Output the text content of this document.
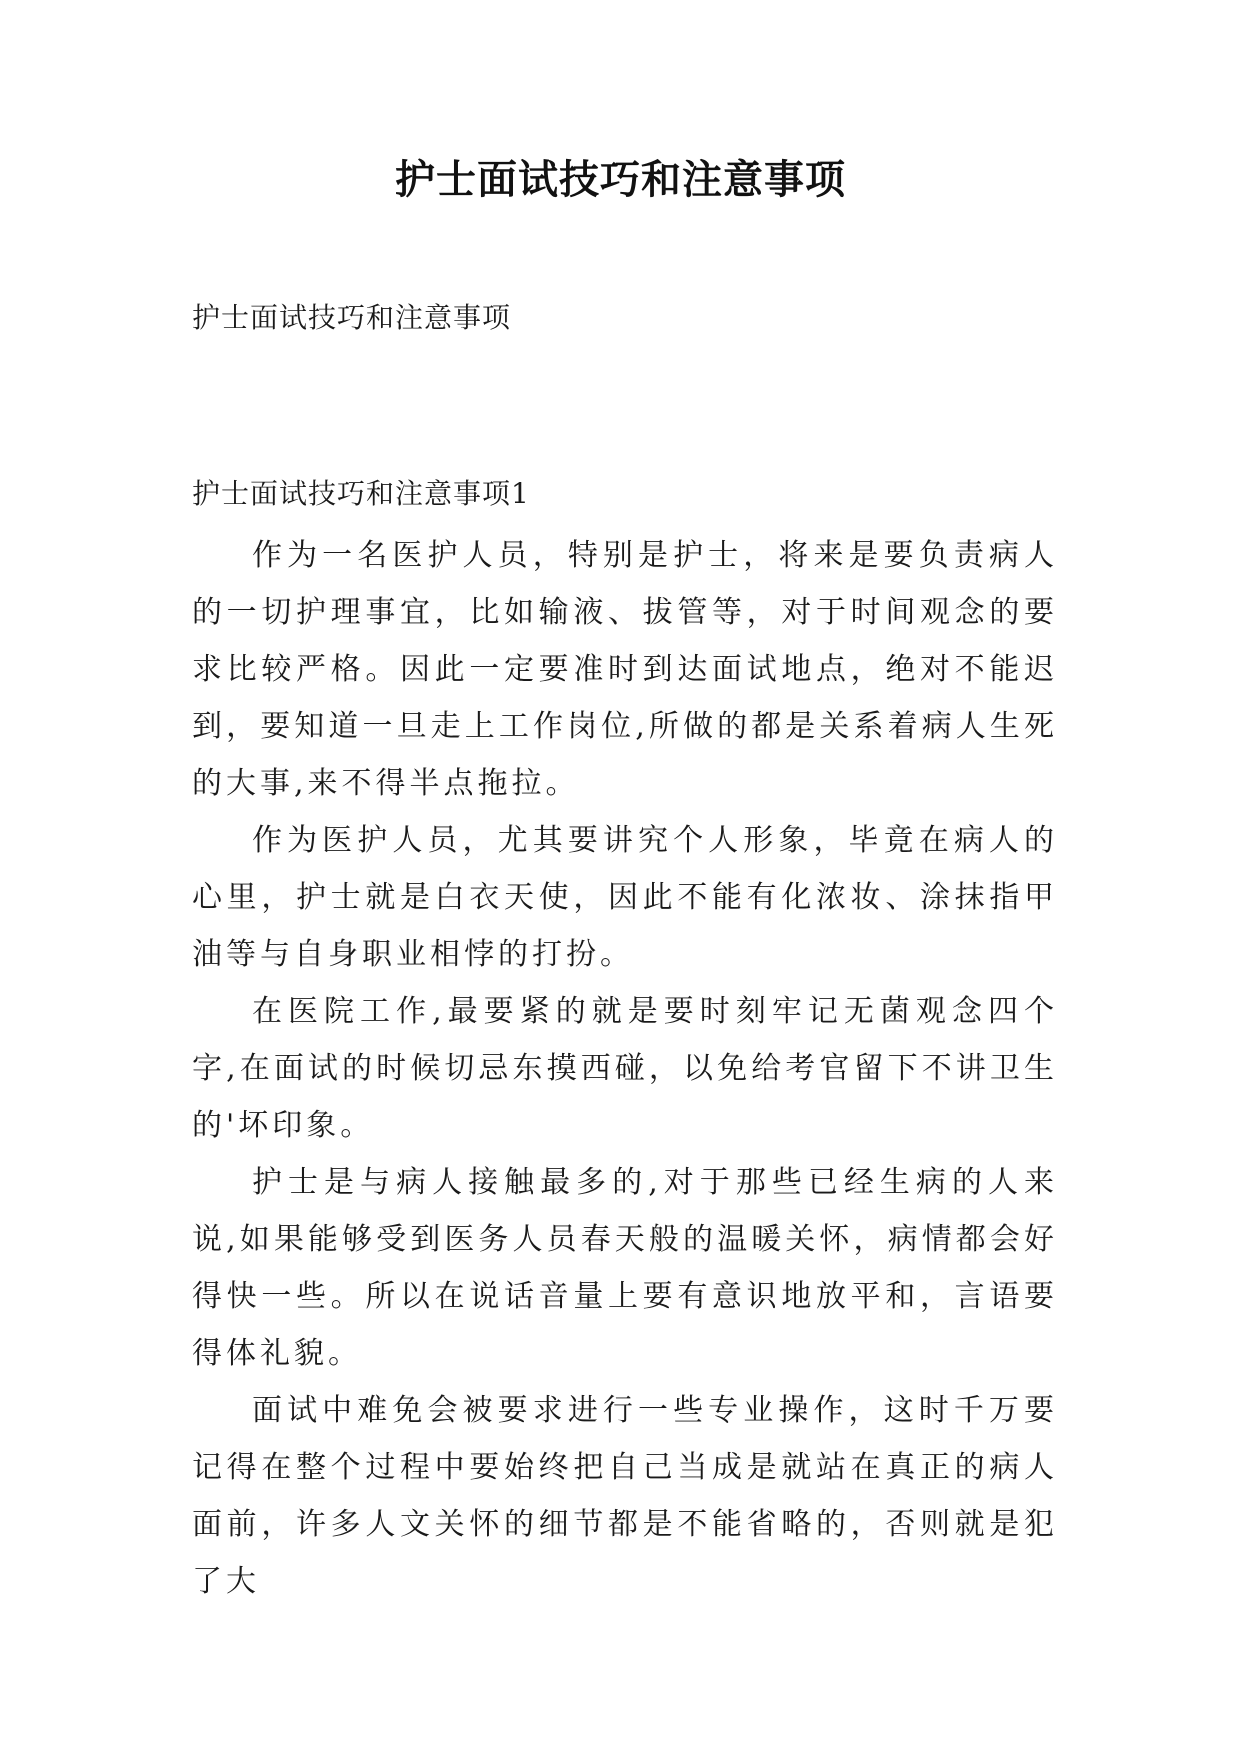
护士面试技巧和注意事项
护士面试技巧和注意事项
护士面试技巧和注意事项1

作为一名医护人员，特别是护士，将来是要负责病人的一切护理事宜，比如输液、拔管等，对于时间观念的要求比较严格。因此一定要准时到达面试地点，绝对不能迟到，要知道一旦走上工作岗位,所做的都是关系着病人生死的大事,来不得半点拖拉。

作为医护人员，尤其要讲究个人形象，毕竟在病人的心里，护士就是白衣天使，因此不能有化浓妆、涂抹指甲油等与自身职业相悖的打扮。

在医院工作,最要紧的就是要时刻牢记无菌观念四个字,在面试的时候切忌东摸西碰，以免给考官留下不讲卫生的'坏印象。

护士是与病人接触最多的,对于那些已经生病的人来说,如果能够受到医务人员春天般的温暖关怀，病情都会好得快一些。所以在说话音量上要有意识地放平和，言语要得体礼貌。

面试中难免会被要求进行一些专业操作，这时千万要记得在整个过程中要始终把自己当成是就站在真正的病人面前，许多人文关怀的细节都是不能省略的，否则就是犯了大
